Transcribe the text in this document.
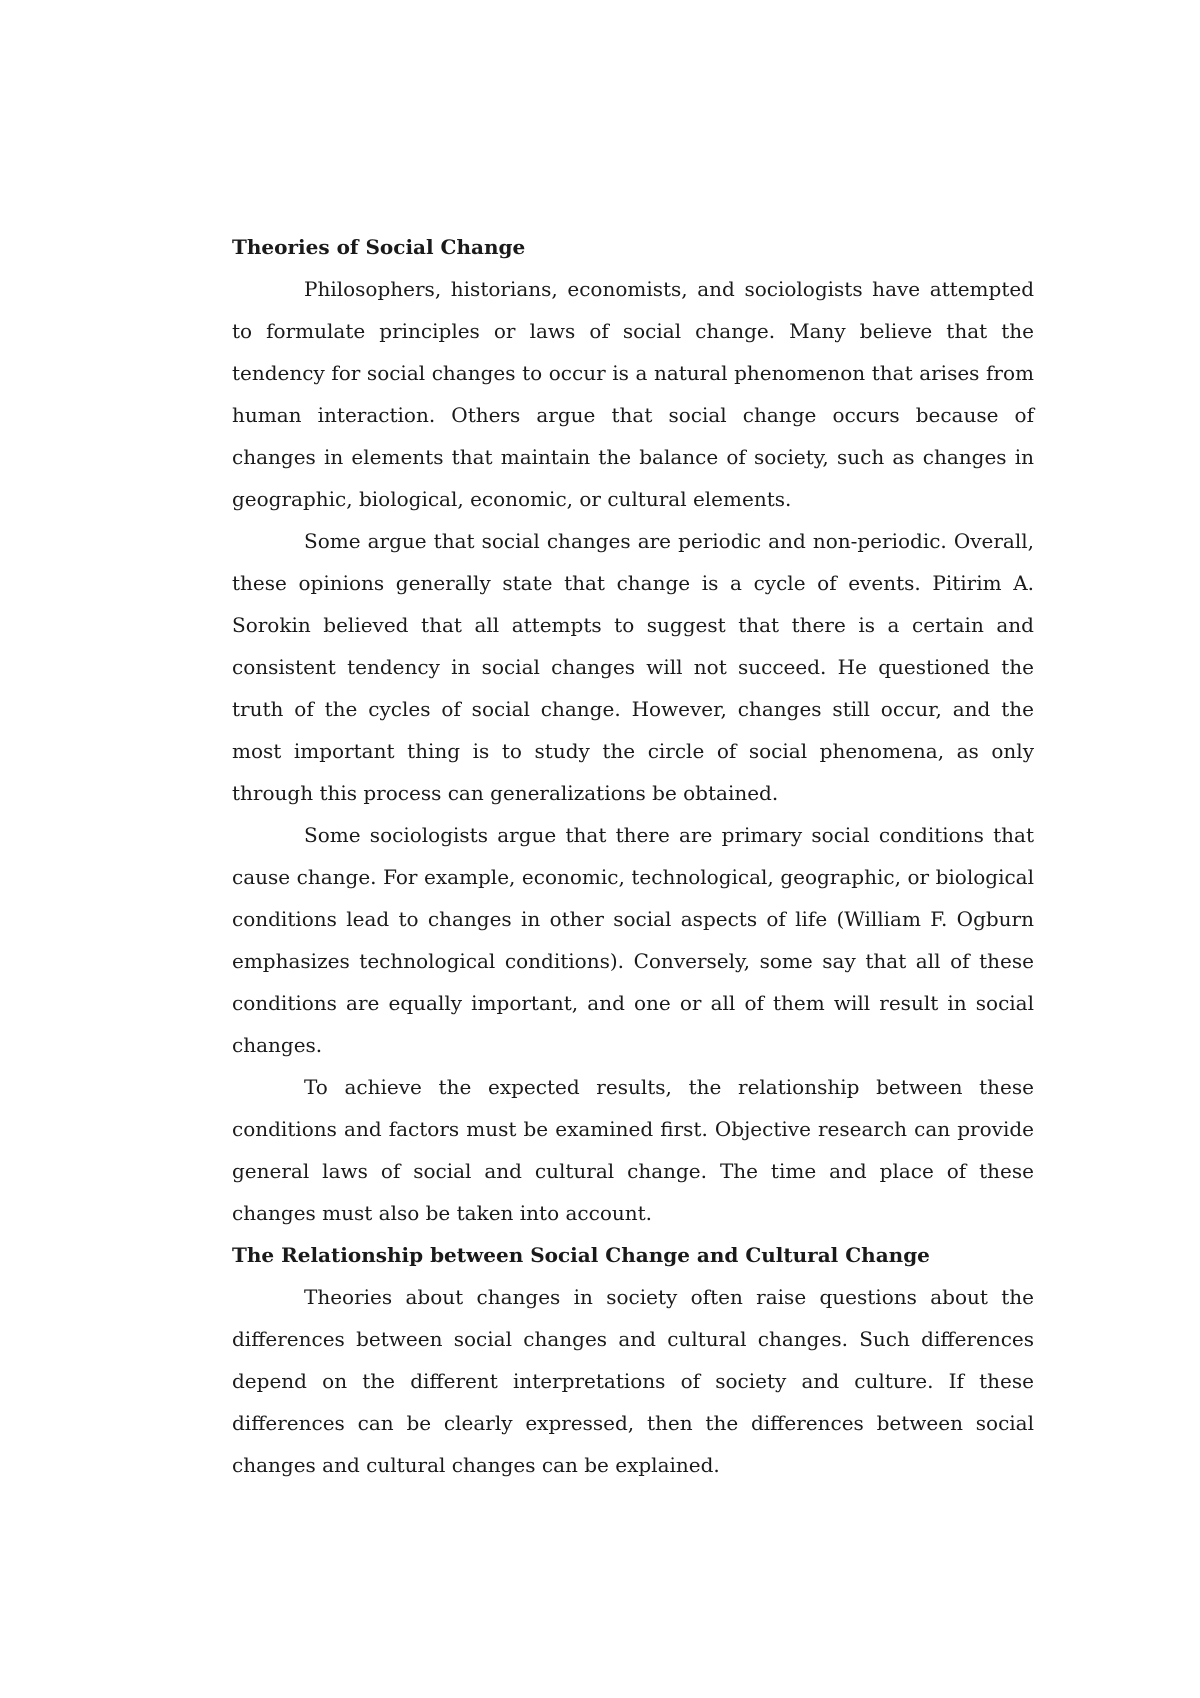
Theories of Social Change

Philosophers, historians, economists, and sociologists have attempted to formulate principles or laws of social change. Many believe that the tendency for social changes to occur is a natural phenomenon that arises from human interaction. Others argue that social change occurs because of changes in elements that maintain the balance of society, such as changes in geographic, biological, economic, or cultural elements.

Some argue that social changes are periodic and non-periodic. Overall, these opinions generally state that change is a cycle of events. Pitirim A. Sorokin believed that all attempts to suggest that there is a certain and consistent tendency in social changes will not succeed. He questioned the truth of the cycles of social change. However, changes still occur, and the most important thing is to study the circle of social phenomena, as only through this process can generalizations be obtained.

Some sociologists argue that there are primary social conditions that cause change. For example, economic, technological, geographic, or biological conditions lead to changes in other social aspects of life (William F. Ogburn emphasizes technological conditions). Conversely, some say that all of these conditions are equally important, and one or all of them will result in social changes.

To achieve the expected results, the relationship between these conditions and factors must be examined first. Objective research can provide general laws of social and cultural change. The time and place of these changes must also be taken into account.

The Relationship between Social Change and Cultural Change

Theories about changes in society often raise questions about the differences between social changes and cultural changes. Such differences depend on the different interpretations of society and culture. If these differences can be clearly expressed, then the differences between social changes and cultural changes can be explained.
